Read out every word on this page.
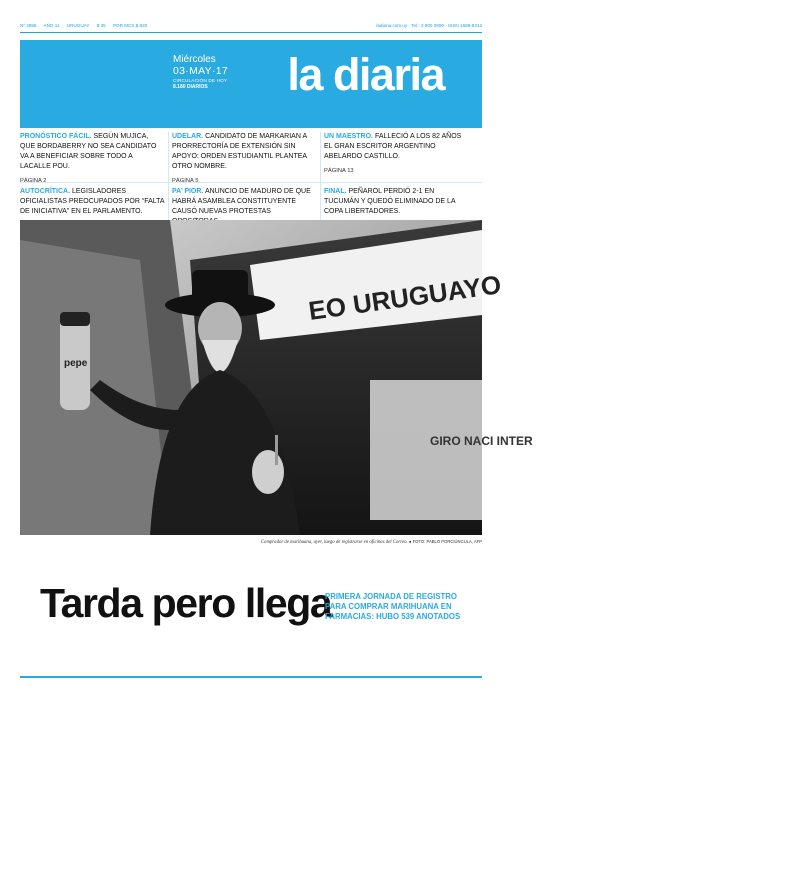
Nº 2856 AÑO 11 URUGUAY $ 35 POR MCS $ 820	ladiaria.com.uy · Tel.: 2 900 0800 · ISSN 1688-9312
Miércoles
03·MAY·17
CIRCULACIÓN DE HOY
8.180 DIARIOS	la diaria
PRONÓSTICO FÁCIL. SEGÚN MUJICA, QUE BORDABERRY NO SEA CANDIDATO VA A BENEFICIAR SOBRE TODO A LACALLE POU.
PÁGINA 2
UDELAR. CANDIDATO DE MARKARIAN A PRORRECTORÍA DE EXTENSIÓN SIN APOYO: ORDEN ESTUDIANTIL PLANTEA OTRO NOMBRE.
PÁGINA 5
UN MAESTRO. FALLECIÓ A LOS 82 AÑOS EL GRAN ESCRITOR ARGENTINO ABELARDO CASTILLO.
PÁGINA 13
AUTOCRÍTICA. LEGISLADORES OFICIALISTAS PREOCUPADOS POR “FALTA DE INICIATIVA” EN EL PARLAMENTO.
PA’ PIOR. ANUNCIO DE MADURO DE QUE HABRÁ ASAMBLEA CONSTITUYENTE CAUSÓ NUEVAS PROTESTAS
FINAL. PEÑAROL PERDIÓ 2-1 EN TUCUMÁN Y QUEDÓ ELIMINADO DE LA COPA LIBERTADORES.
EO URUGUAYO
GIRO NACI INTER
pepe
Comprador de marihuana, ayer, luego de registrarse en oficinas del Correo. ● FOTO: PABLO PORCIÚNCULA, AFP
Tarda pero llega
PRIMERA JORNADA DE REGISTRO PARA COMPRAR MARIHUANA EN FARMACIAS: HUBO 539 ANOTADOS
